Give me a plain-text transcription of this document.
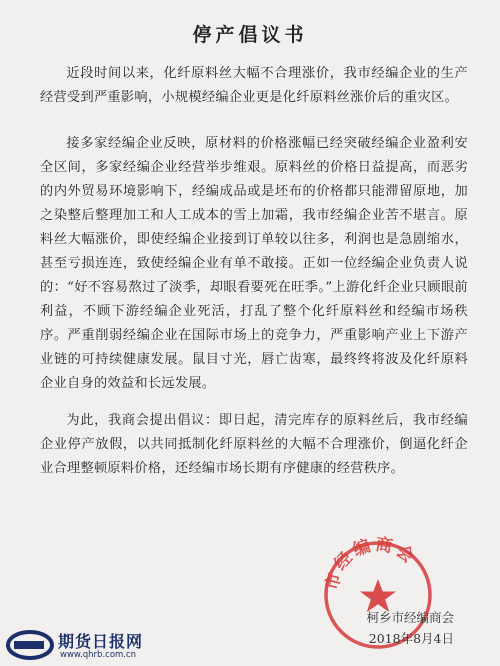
停产倡议书

近段时间以来，化纤原料丝大幅不合理涨价，我市经编企业的生产经营受到严重影响，小规模经编企业更是化纤原料丝涨价后的重灾区。

接多家经编企业反映，原材料的价格涨幅已经突破经编企业盈利安全区间，多家经编企业经营举步维艰。原料丝的价格日益提高，而恶劣的内外贸易环境影响下，经编成品或是坯布的价格都只能滞留原地，加之染整后整理加工和人工成本的雪上加霜，我市经编企业苦不堪言。原料丝大幅涨价，即使经编企业接到订单较以往多，利润也是急剧缩水，甚至亏损连连，致使经编企业有单不敢接。正如一位经编企业负责人说的：“好不容易熬过了淡季，却眼看要死在旺季。”上游化纤企业只顾眼前利益，不顾下游经编企业死活，打乱了整个化纤原料丝和经编市场秩序。严重削弱经编企业在国际市场上的竞争力，严重影响产业上下游产业链的可持续健康发展。鼠目寸光，唇亡齿寒，最终终将波及化纤原料企业自身的效益和长远发展。

为此，我商会提出倡议：即日起，清完库存的原料丝后，我市经编企业停产放假，以共同抵制化纤原料丝的大幅不合理涨价，倒逼化纤企业合理整顿原料价格，还经编市场长期有序健康的经营秩序。

市经编商会
柯乡市经编商会
2018年8月4日
期货日报网
www.qhrb.com.cn
